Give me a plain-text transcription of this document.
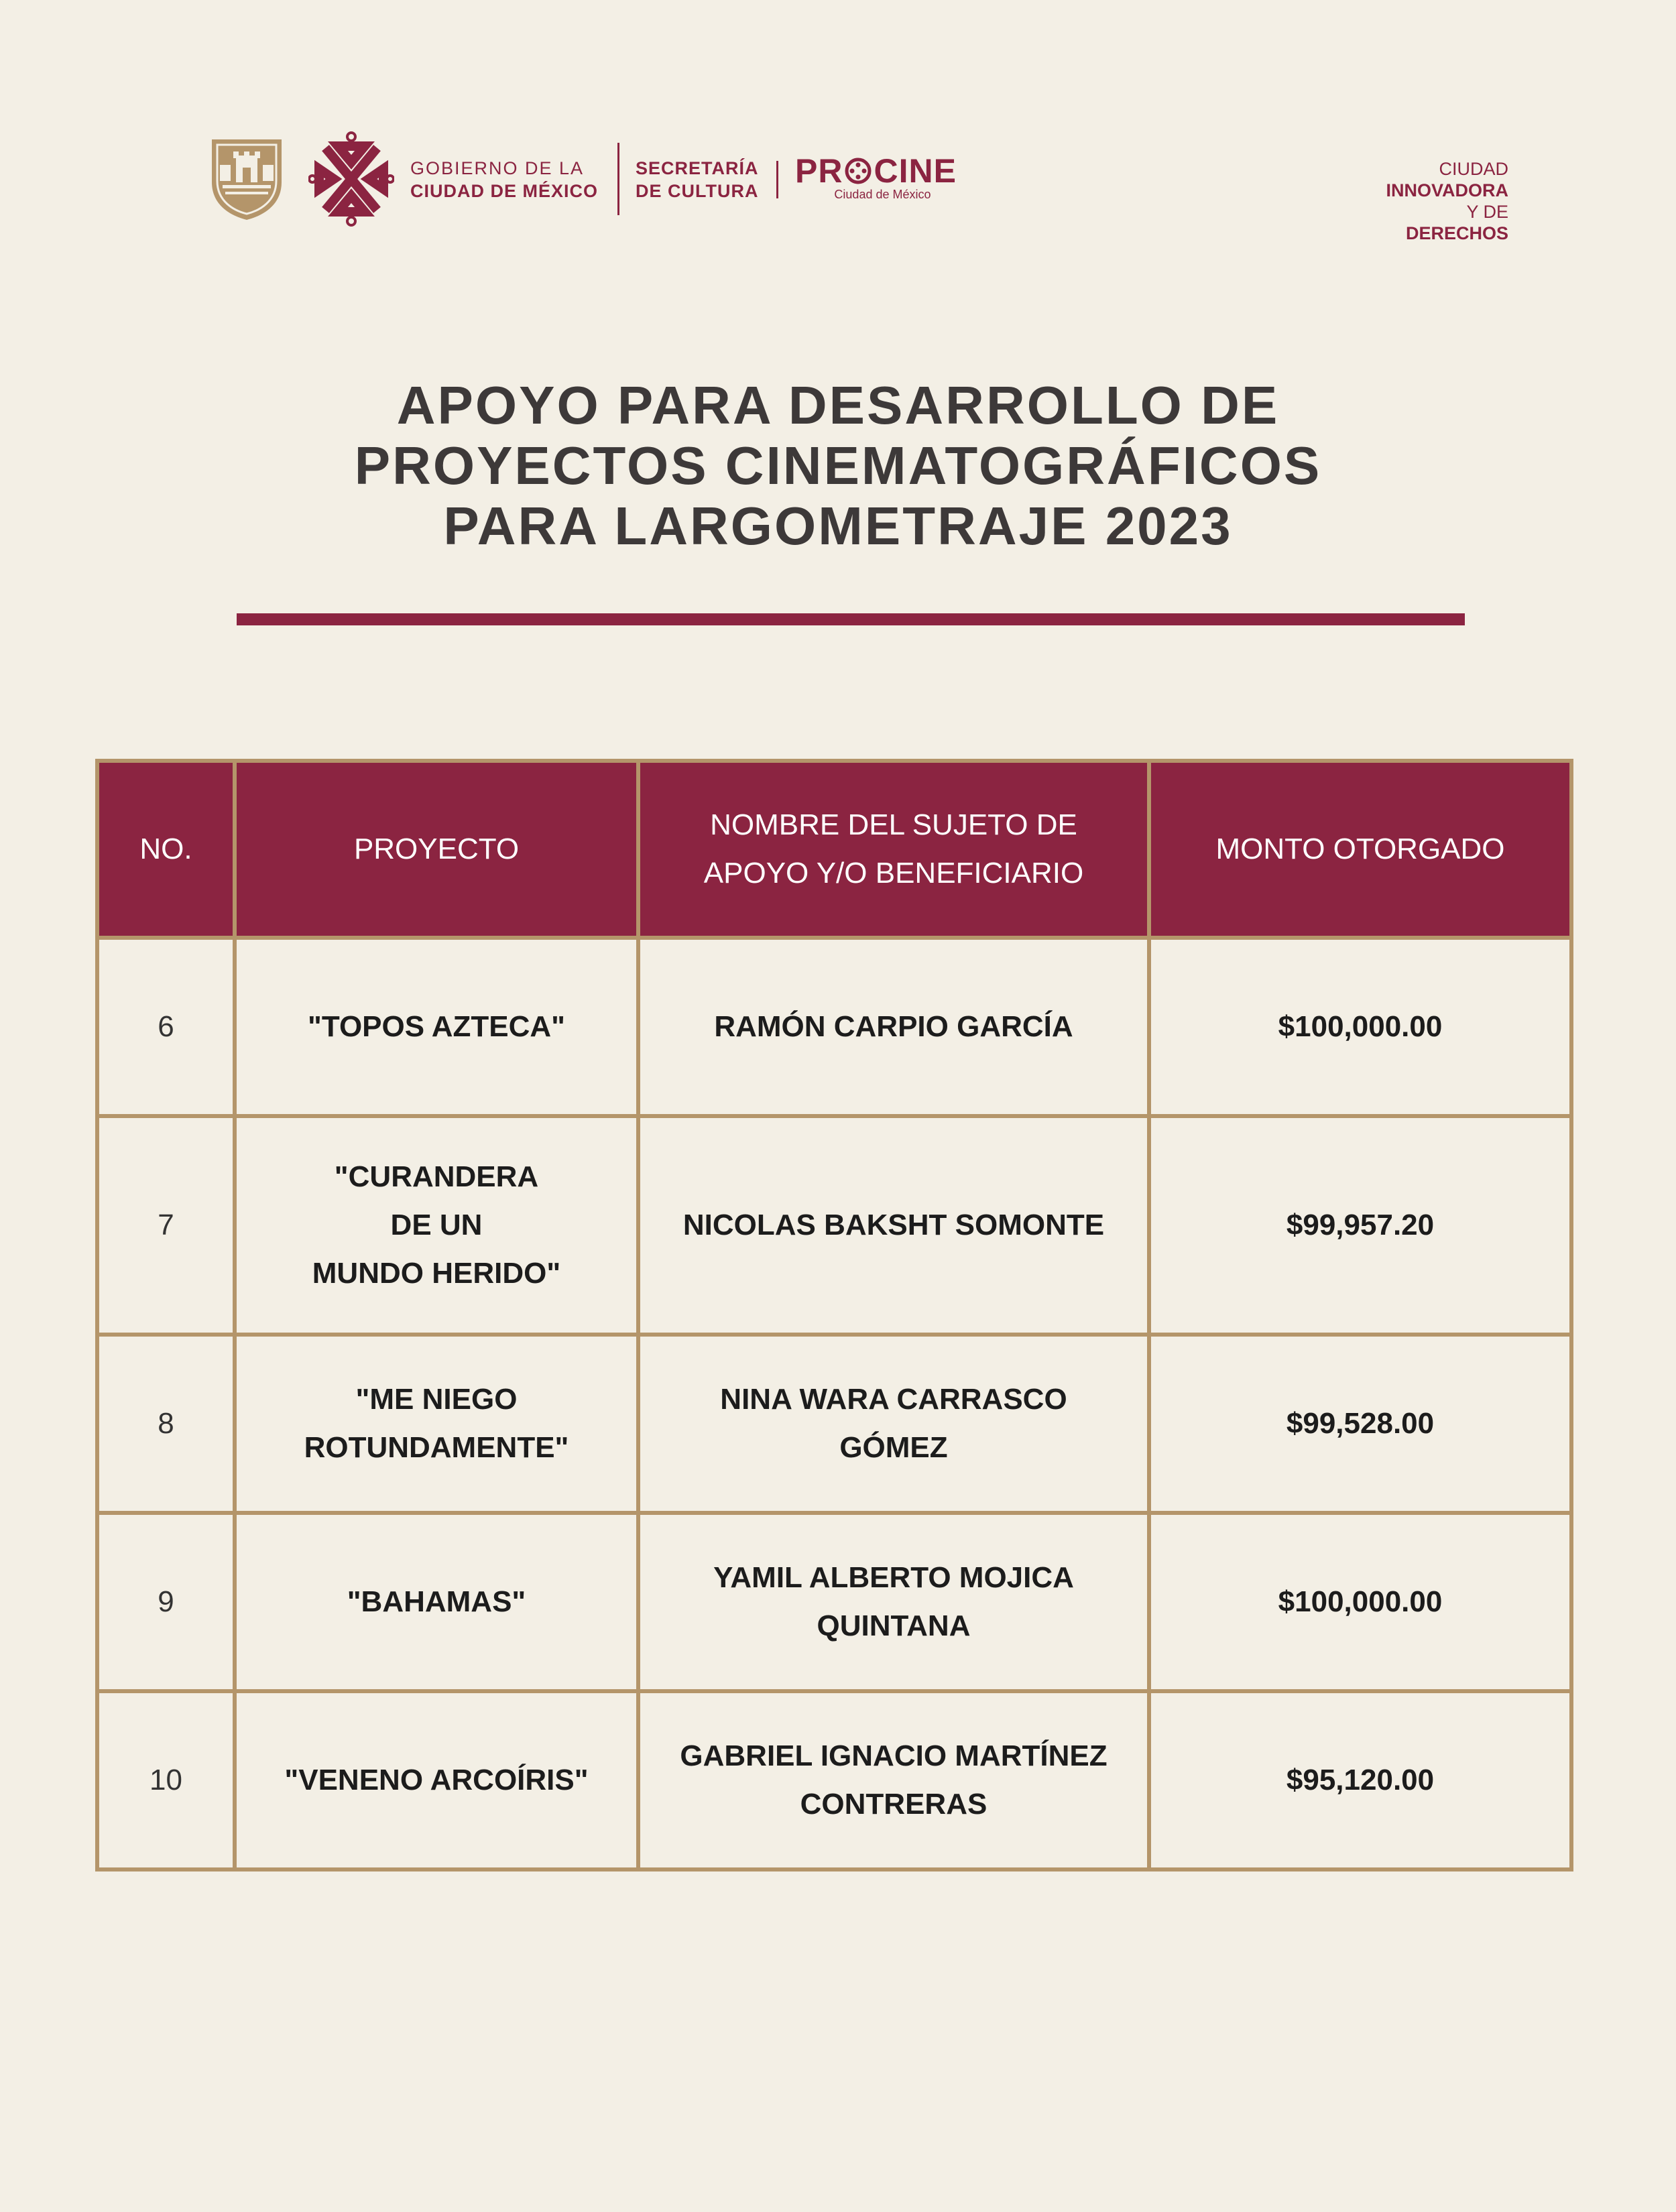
GOBIERNO DE LA
CIUDAD DE MÉXICO
SECRETARÍA
DE CULTURA
PR CINE
Ciudad de México
CIUDAD
INNOVADORA
Y DE
DERECHOS
APOYO PARA DESARROLLO DE
PROYECTOS CINEMATOGRÁFICOS
PARA LARGOMETRAJE 2023
NO.	PROYECTO	NOMBRE DEL SUJETO DE
APOYO Y/O BENEFICIARIO	MONTO OTORGADO
6	"TOPOS AZTECA"	RAMÓN CARPIO GARCÍA	$100,000.00
7	"CURANDERA
DE UN
MUNDO HERIDO"	NICOLAS BAKSHT SOMONTE	$99,957.20
8	"ME NIEGO
ROTUNDAMENTE"	NINA WARA CARRASCO
GÓMEZ	$99,528.00
9	"BAHAMAS"	YAMIL ALBERTO MOJICA
QUINTANA	$100,000.00
10	"VENENO ARCOÍRIS"	GABRIEL IGNACIO MARTÍNEZ
CONTRERAS	$95,120.00
